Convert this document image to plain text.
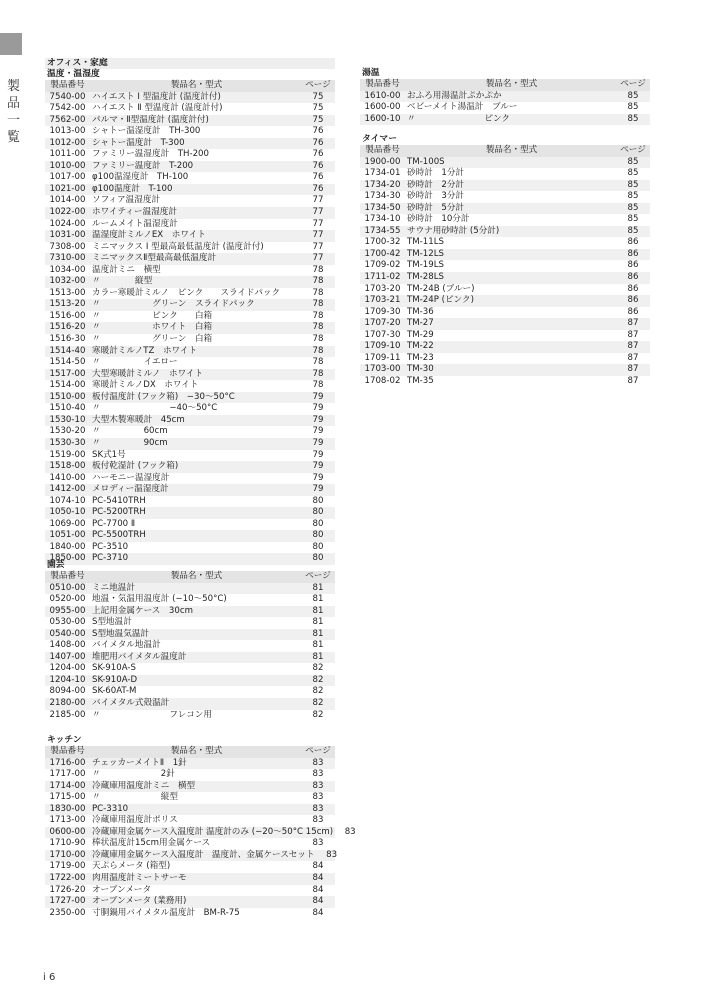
製品一覧
オフィス・家庭
温度・温湿度
製品番号	製品名・型式	ページ
7540-00 ハイエスト I 型温度計 (温度計付)	75
7542-00 ハイエスト Ⅱ 型温度計 (温度計付)	75
7562-00 パルマ・Ⅱ型温度計 (温度計付)	75
1013-00 シャトー温湿度計　TH-300	76
1012-00 シャトー温度計　T-300	76
1011-00 ファミリー温湿度計　TH-200	76
1010-00 ファミリー温度計　T-200	76
1017-00 φ100温湿度計　TH-100	76
1021-00 φ100温度計　T-100	76
1014-00 ソフィア温湿度計	77
1022-00 ホワイティー温湿度計	77
1024-00 ルームメイト温湿度計	77
1031-00 温湿度計ミルノEX　ホワイト	77
7308-00 ミニマックス I 型最高最低温度計 (温度計付)	77
7310-00 ミニマックスⅡ型最高最低温度計	77
1034-00 温度計ミニ　横型	78
1032-00 〃　　　　縦型	78
1513-00 カラー寒暖計ミルノ　ピンク　　スライドパック	78
1513-20 〃　　　　　　グリーン　スライドパック	78
1516-00 〃　　　　　　ピンク　　白箱	78
1516-20 〃　　　　　　ホワイト　白箱	78
1516-30 〃　　　　　　グリーン　白箱	78
1514-40 寒暖計ミルノTZ　ホワイト	78
1514-50 〃　　　　　イエロー	78
1517-00 大型寒暖計ミルノ　ホワイト	78
1514-00 寒暖計ミルノDX　ホワイト	78
1510-00 板付温度計 (フック箱)　−30〜50°C	79
1510-40 〃　　　　　　　　−40〜50°C	79
1530-10 大型木製寒暖計　45cm	79
1530-20 〃　　　　　60cm	79
1530-30 〃　　　　　90cm	79
1519-00 SK式1号	79
1518-00 板付乾湿計 (フック箱)	79
1410-00 ハーモニー温湿度計	79
1412-00 メロディー温湿度計	79
1074-10 PC-5410TRH	80
1050-10 PC-5200TRH	80
1069-00 PC-7700 Ⅱ	80
1051-00 PC-5500TRH	80
1840-00 PC-3510	80
1850-00 PC-3710	80
園芸
製品番号	製品名・型式	ページ
0510-00 ミニ地温計	81
0520-00 地温・気温用温度計 (−10〜50°C)	81
0955-00 上記用金属ケース　30cm	81
0530-00 S型地温計	81
0540-00 S型地温気温計	81
1408-00 バイメタル地温計	81
1407-00 堆肥用バイメタル温度計	81
1204-00 SK-910A-S	82
1204-10 SK-910A-D	82
8094-00 SK-60AT-M	82
2180-00 バイメタル式殻温計	82
2185-00 〃　　　　　　　　フレコン用	82
キッチン
製品番号	製品名・型式	ページ
1716-00 チェッカーメイトⅡ　1針	83
1717-00 〃　　　　　　　2針	83
1714-00 冷蔵庫用温度計ミニ　横型	83
1715-00 〃　　　　　　　縦型	83
1830-00 PC-3310	83
1713-00 冷蔵庫用温度計ポリス	83
0600-00 冷蔵庫用金属ケース入温度計 温度計のみ (−20〜50°C 15cm)	83
1710-90 棒状温度計15cm用金属ケース	83
1710-00 冷蔵庫用金属ケース入温度計　温度計、金属ケースセット	83
1719-00 天ぷらメータ (箱型)	84
1722-00 肉用温度計ミートサーモ	84
1726-20 オーブンメータ	84
1727-00 オーブンメータ (業務用)	84
2350-00 寸胴鍋用バイメタル温度計　BM-R-75	84
湯温
製品番号	製品名・型式	ページ
1610-00 おふろ用湯温計ぷかぷか	85
1600-00 ベビーメイト湯温計　ブルー	85
1600-10 〃　　　　　　　　ピンク	85
タイマー
製品番号	製品名・型式	ページ
1900-00 TM-100S	85
1734-01 砂時計　1分計	85
1734-20 砂時計　2分計	85
1734-30 砂時計　3分計	85
1734-50 砂時計　5分計	85
1734-10 砂時計　10分計	85
1734-55 サウナ用砂時計 (5分計)	85
1700-32 TM-11LS	86
1700-42 TM-12LS	86
1709-02 TM-19LS	86
1711-02 TM-28LS	86
1703-20 TM-24B (ブルー)	86
1703-21 TM-24P (ピンク)	86
1709-30 TM-36	86
1707-20 TM-27	87
1707-30 TM-29	87
1709-10 TM-22	87
1709-11 TM-23	87
1703-00 TM-30	87
1708-02 TM-35	87
i 6
